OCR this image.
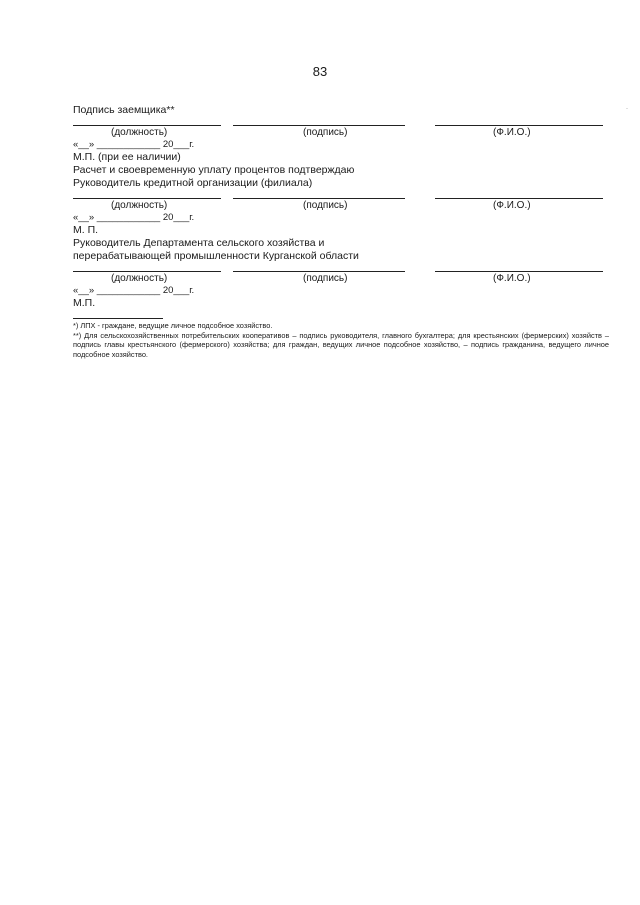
83
Подпись заемщика**
(должность)	(подпись)	(Ф.И.О.)
«__» ____________ 20___г.
М.П. (при ее наличии)
Расчет и своевременную уплату процентов подтверждаю
Руководитель кредитной организации (филиала)
(должность)	(подпись)	(Ф.И.О.)
«__» ____________ 20___г.
М. П.
Руководитель Департамента сельского хозяйства и
перерабатывающей промышленности Курганской области
(должность)	(подпись)	(Ф.И.О.)
«__» ____________ 20___г.
М.П.
*) ЛПХ - граждане, ведущие личное подсобное хозяйство.
**) Для сельскохозяйственных потребительских кооперативов – подпись руководителя, главного бухгалтера; для крестьянских (фермерских) хозяйств – подпись главы крестьянского (фермерского) хозяйства; для граждан, ведущих личное подсобное хозяйство, – подпись гражданина, ведущего личное подсобное хозяйство.
·
